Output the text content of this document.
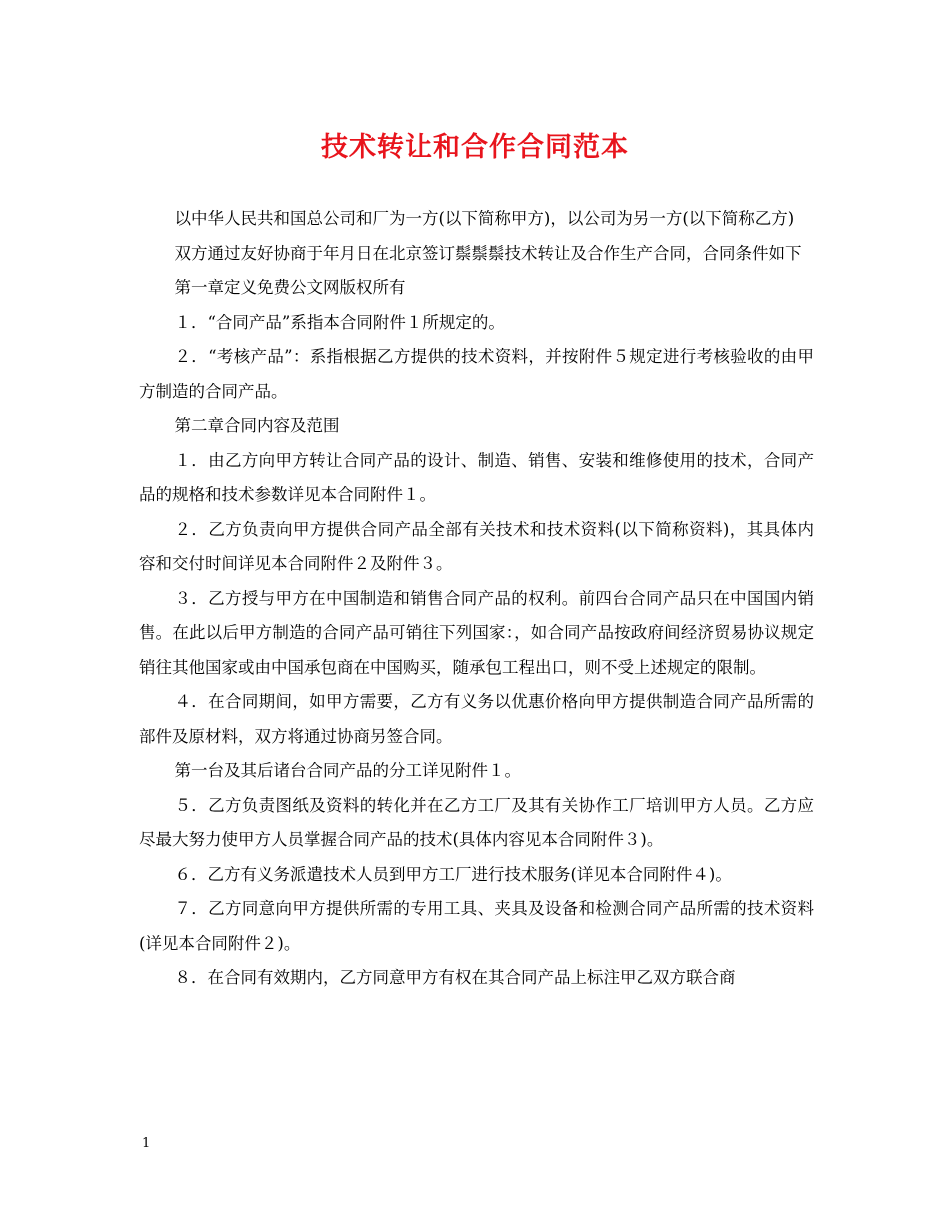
技术转让和合作合同范本

以中华人民共和国总公司和厂为一方(以下简称甲方)，以公司为另一方(以下简称乙方)

双方通过友好协商于年月日在北京签订鬃鬃鬃技术转让及合作生产合同，合同条件如下

第一章定义免费公文网版权所有

１．“合同产品”系指本合同附件１所规定的。

２．“考核产品”：系指根据乙方提供的技术资料，并按附件５规定进行考核验收的由甲方制造的合同产品。

第二章合同内容及范围

１．由乙方向甲方转让合同产品的设计、制造、销售、安装和维修使用的技术，合同产品的规格和技术参数详见本合同附件１。

２．乙方负责向甲方提供合同产品全部有关技术和技术资料(以下简称资料)，其具体内容和交付时间详见本合同附件２及附件３。

３．乙方授与甲方在中国制造和销售合同产品的权利。前四台合同产品只在中国国内销售。在此以后甲方制造的合同产品可销往下列国家：，如合同产品按政府间经济贸易协议规定销往其他国家或由中国承包商在中国购买，随承包工程出口，则不受上述规定的限制。

４．在合同期间，如甲方需要，乙方有义务以优惠价格向甲方提供制造合同产品所需的部件及原材料，双方将通过协商另签合同。

第一台及其后诸台合同产品的分工详见附件１。

５．乙方负责图纸及资料的转化并在乙方工厂及其有关协作工厂培训甲方人员。乙方应尽最大努力使甲方人员掌握合同产品的技术(具体内容见本合同附件３)。

６．乙方有义务派遣技术人员到甲方工厂进行技术服务(详见本合同附件４)。

７．乙方同意向甲方提供所需的专用工具、夹具及设备和检测合同产品所需的技术资料(详见本合同附件２)。

８．在合同有效期内，乙方同意甲方有权在其合同产品上标注甲乙双方联合商

1
